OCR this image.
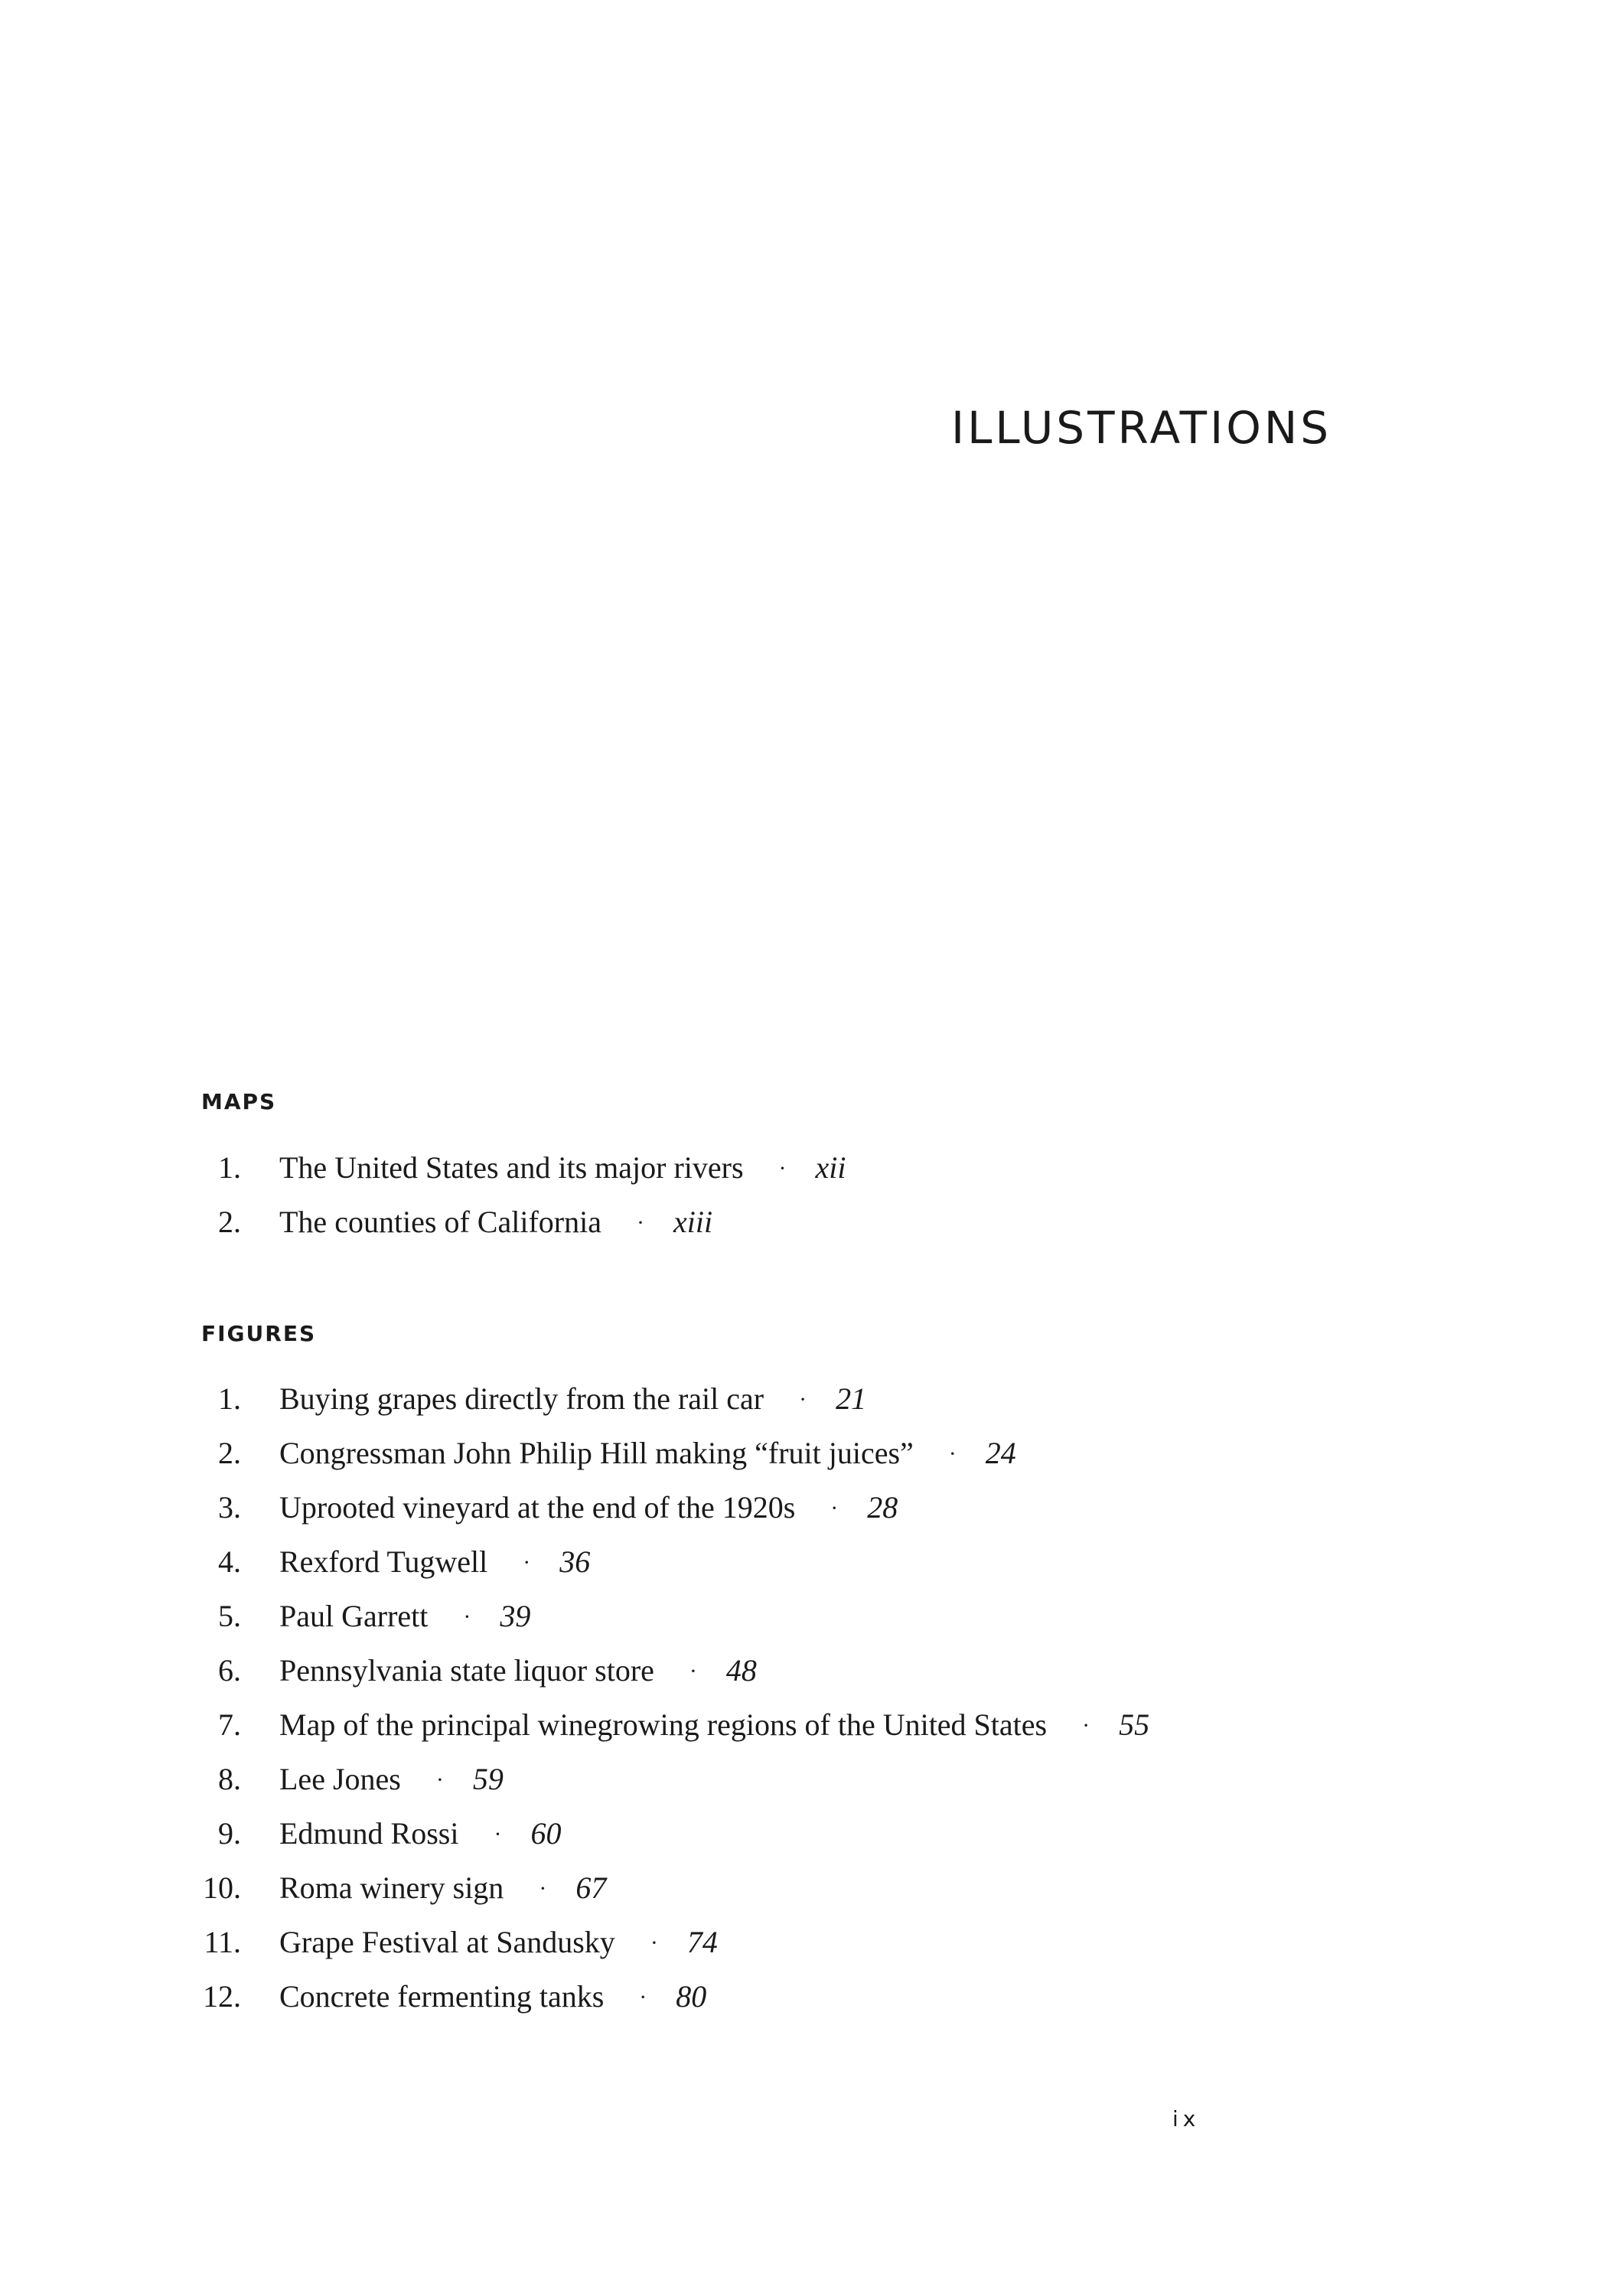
ILLUSTRATIONS
MAPS
1. The United States and its major rivers · xii
2. The counties of California · xiii
FIGURES
1. Buying grapes directly from the rail car · 21
2. Congressman John Philip Hill making “fruit juices” · 24
3. Uprooted vineyard at the end of the 1920s · 28
4. Rexford Tugwell · 36
5. Paul Garrett · 39
6. Pennsylvania state liquor store · 48
7. Map of the principal winegrowing regions of the United States · 55
8. Lee Jones · 59
9. Edmund Rossi · 60
10. Roma winery sign · 67
11. Grape Festival at Sandusky · 74
12. Concrete fermenting tanks · 80
ix
